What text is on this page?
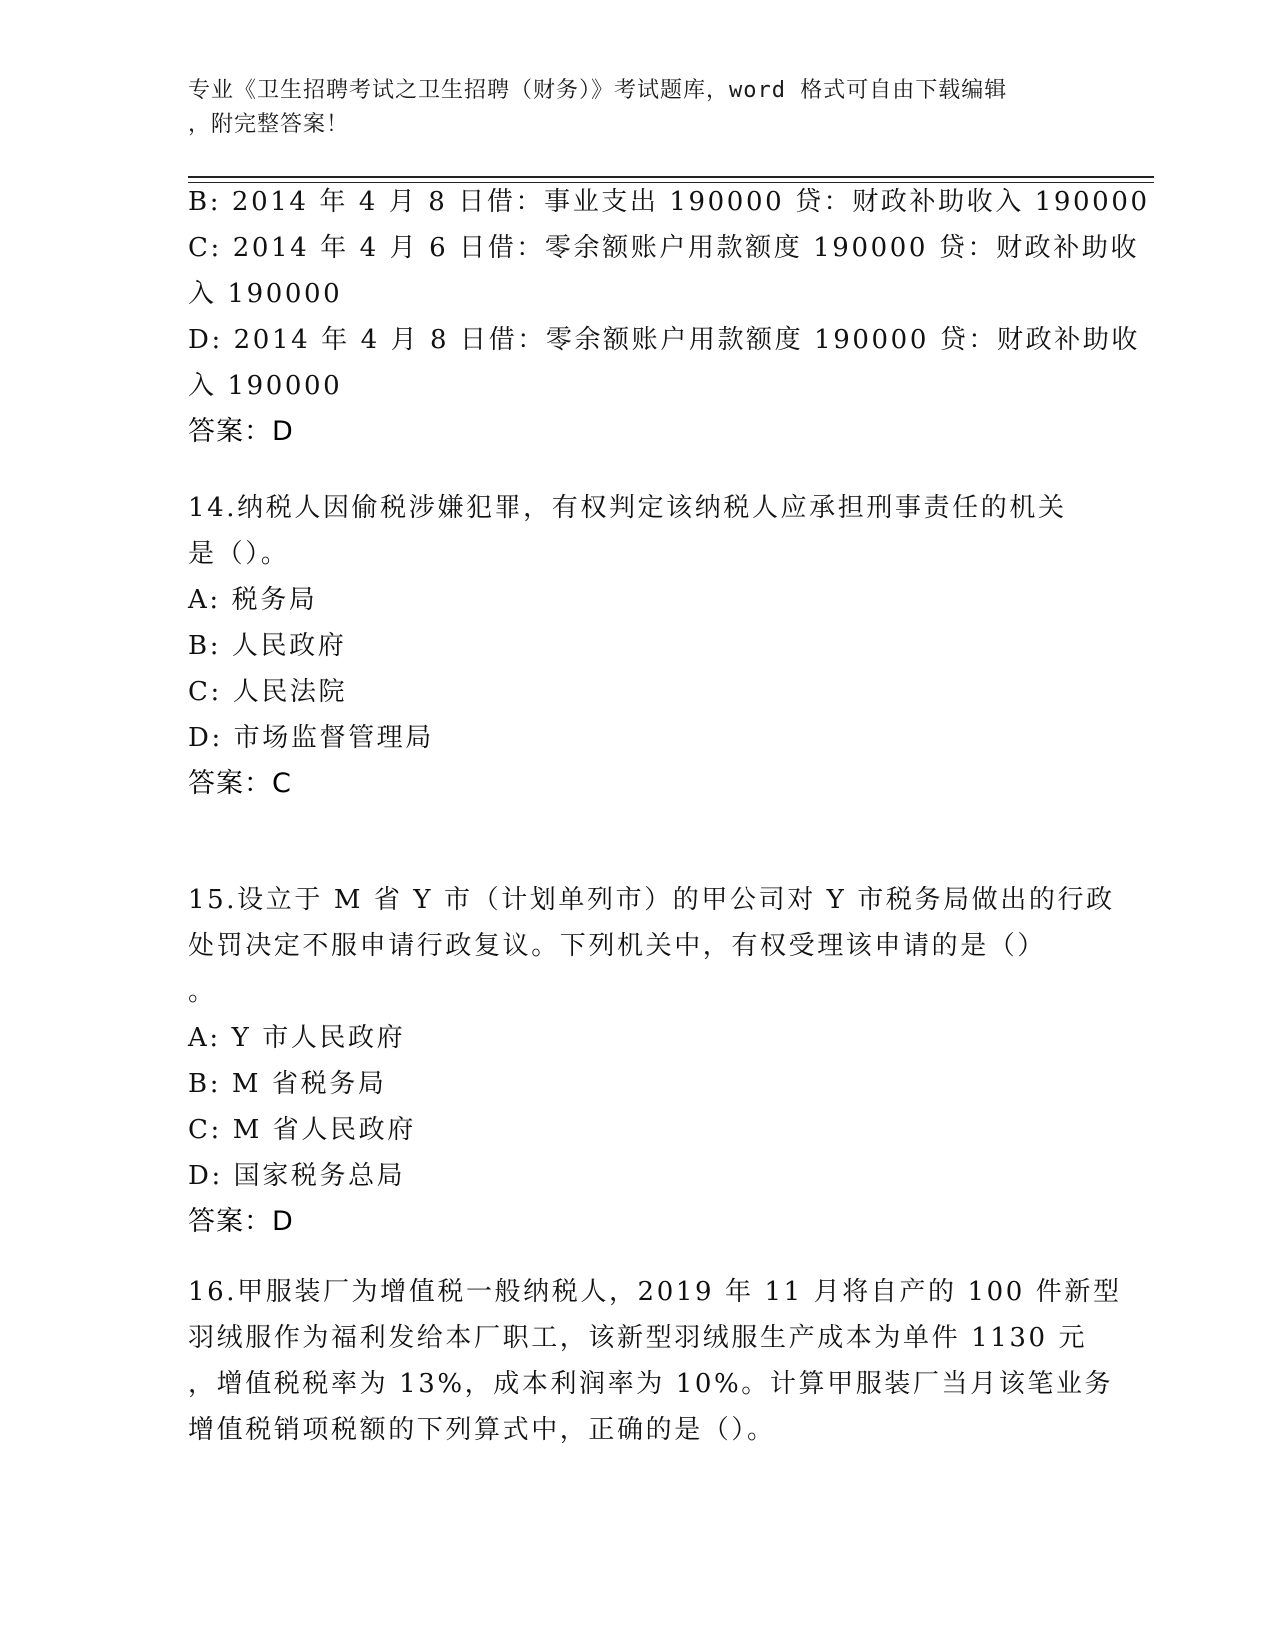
专业《卫生招聘考试之卫生招聘（财务）》考试题库，word 格式可自由下载编辑
，附完整答案！
B: 2014 年 4 月 8 日借：事业支出 190000 贷：财政补助收入 190000
C: 2014 年 4 月 6 日借：零余额账户用款额度 190000 贷：财政补助收
入 190000
D: 2014 年 4 月 8 日借：零余额账户用款额度 190000 贷：财政补助收
入 190000
答案：D
14.纳税人因偷税涉嫌犯罪，有权判定该纳税人应承担刑事责任的机关
是（）。
A: 税务局
B: 人民政府
C: 人民法院
D: 市场监督管理局
答案：C
15.设立于 M 省 Y 市（计划单列市）的甲公司对 Y 市税务局做出的行政
处罚决定不服申请行政复议。下列机关中，有权受理该申请的是（）
。
A: Y 市人民政府
B: M 省税务局
C: M 省人民政府
D: 国家税务总局
答案：D
16.甲服装厂为增值税一般纳税人，2019 年 11 月将自产的 100 件新型
羽绒服作为福利发给本厂职工，该新型羽绒服生产成本为单件 1130 元
，增值税税率为 13%，成本利润率为 10%。计算甲服装厂当月该笔业务
增值税销项税额的下列算式中，正确的是（）。
